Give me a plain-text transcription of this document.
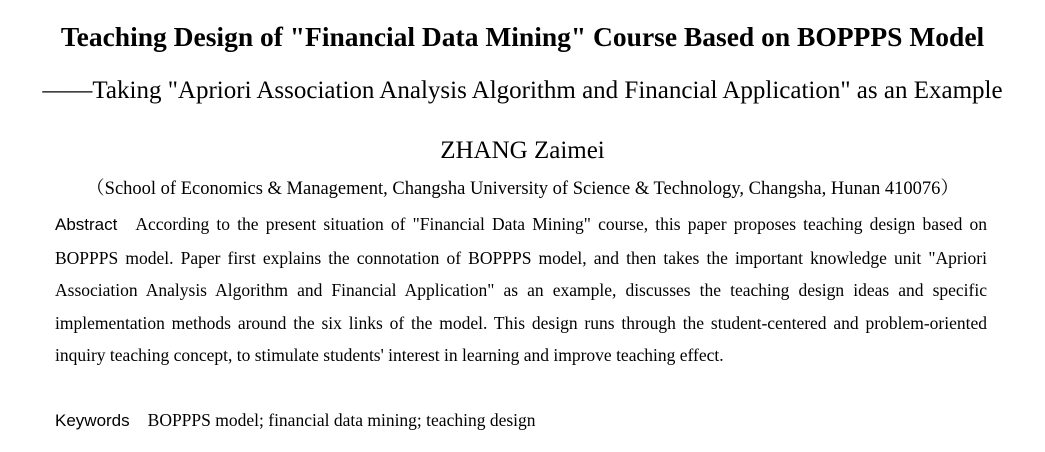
Teaching Design of "Financial Data Mining" Course Based on BOPPPS Model
——Taking "Apriori Association Analysis Algorithm and Financial Application" as an Example
ZHANG Zaimei
（School of Economics & Management, Changsha University of Science & Technology, Changsha, Hunan 410076）
Abstract According to the present situation of "Financial Data Mining" course, this paper proposes teaching design based on BOPPPS model. Paper first explains the connotation of BOPPPS model, and then takes the important knowledge unit "Apriori Association Analysis Algorithm and Financial Application" as an example, discusses the teaching design ideas and specific implementation methods around the six links of the model. This design runs through the student-centered and problem-oriented inquiry teaching concept, to stimulate students' interest in learning and improve teaching effect.
Keywords BOPPPS model; financial data mining; teaching design
